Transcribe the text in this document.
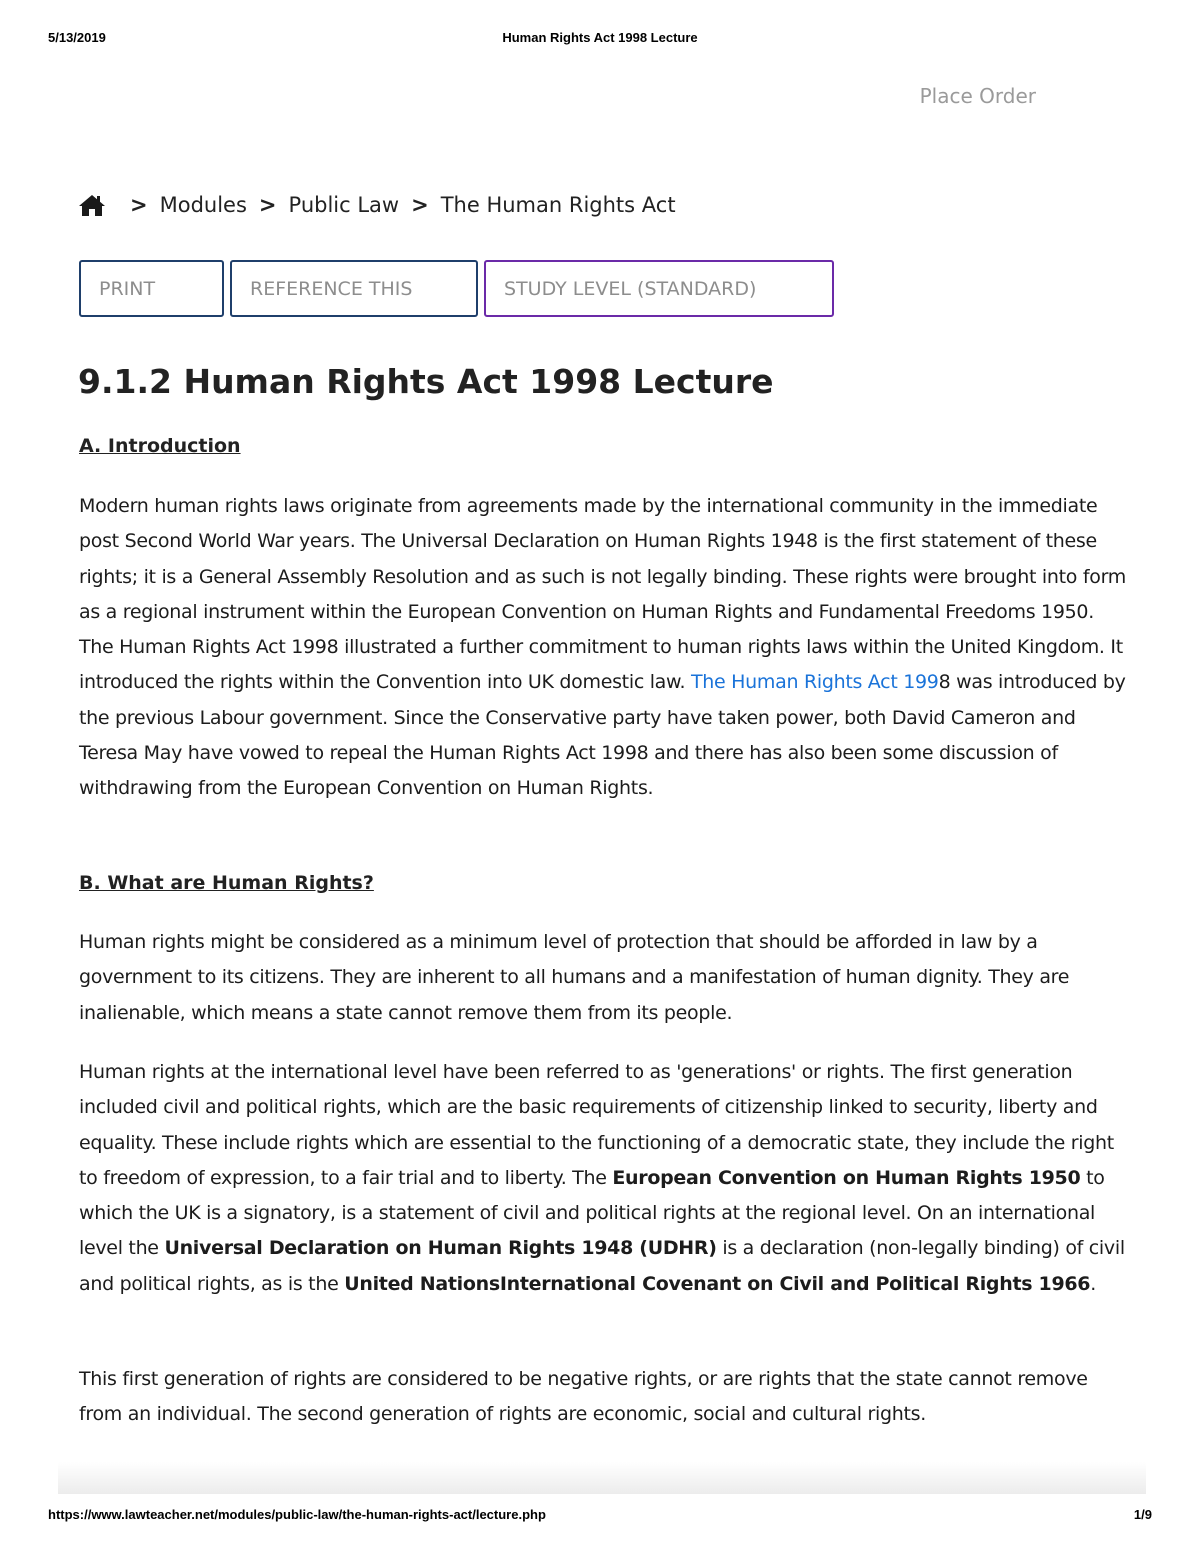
5/13/2019	Human Rights Act 1998 Lecture
Place Order
> Modules > Public Law > The Human Rights Act
PRINT	REFERENCE THIS	STUDY LEVEL (STANDARD)
9.1.2 Human Rights Act 1998 Lecture
A. Introduction

Modern human rights laws originate from agreements made by the international community in the immediate post Second World War years. The Universal Declaration on Human Rights 1948 is the first statement of these rights; it is a General Assembly Resolution and as such is not legally binding. These rights were brought into form as a regional instrument within the European Convention on Human Rights and Fundamental Freedoms 1950. The Human Rights Act 1998 illustrated a further commitment to human rights laws within the United Kingdom. It introduced the rights within the Convention into UK domestic law. The Human Rights Act 1998 was introduced by the previous Labour government. Since the Conservative party have taken power, both David Cameron and Teresa May have vowed to repeal the Human Rights Act 1998 and there has also been some discussion of withdrawing from the European Convention on Human Rights.

B. What are Human Rights?

Human rights might be considered as a minimum level of protection that should be afforded in law by a government to its citizens. They are inherent to all humans and a manifestation of human dignity. They are inalienable, which means a state cannot remove them from its people.

Human rights at the international level have been referred to as 'generations' or rights. The first generation included civil and political rights, which are the basic requirements of citizenship linked to security, liberty and equality. These include rights which are essential to the functioning of a democratic state, they include the right to freedom of expression, to a fair trial and to liberty. The European Convention on Human Rights 1950 to which the UK is a signatory, is a statement of civil and political rights at the regional level. On an international level the Universal Declaration on Human Rights 1948 (UDHR) is a declaration (non-legally binding) of civil and political rights, as is the United NationsInternational Covenant on Civil and Political Rights 1966.

This first generation of rights are considered to be negative rights, or are rights that the state cannot remove from an individual. The second generation of rights are economic, social and cultural rights.

https://www.lawteacher.net/modules/public-law/the-human-rights-act/lecture.php	1/9
